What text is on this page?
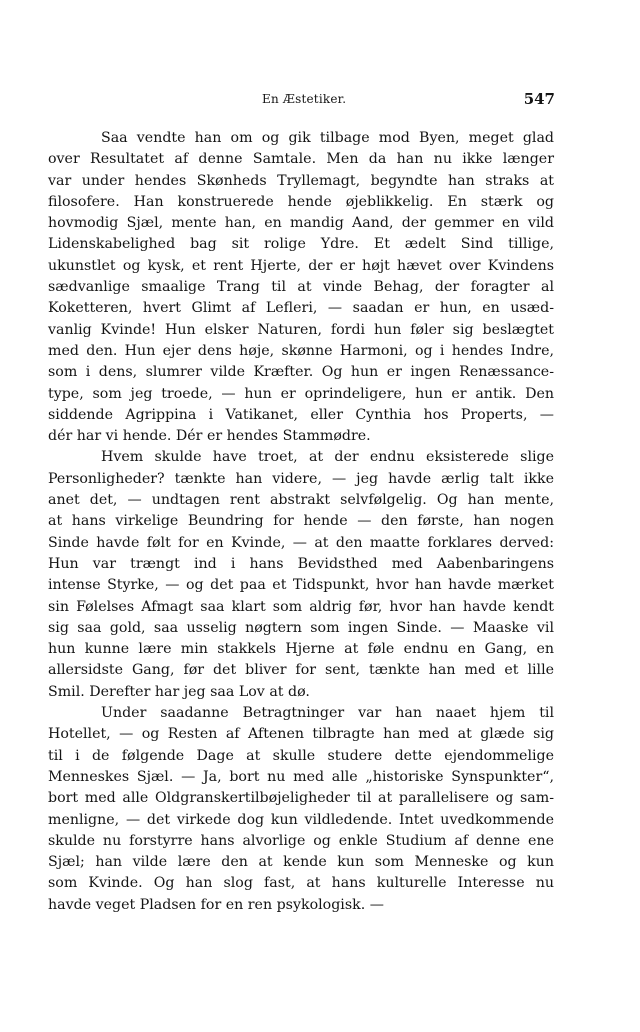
En Æstetiker.	547
Saa vendte han om og gik tilbage mod Byen, meget glad
over Resultatet af denne Samtale. Men da han nu ikke længer
var under hendes Skønheds Tryllemagt, begyndte han straks at
filosofere. Han konstruerede hende øjeblikkelig. En stærk og
hovmodig Sjæl, mente han, en mandig Aand, der gemmer en vild
Lidenskabelighed bag sit rolige Ydre. Et ædelt Sind tillige,
ukunstlet og kysk, et rent Hjerte, der er højt hævet over Kvindens
sædvanlige smaalige Trang til at vinde Behag, der foragter al
Koketteren, hvert Glimt af Lefleri, — saadan er hun, en usæd-
vanlig Kvinde! Hun elsker Naturen, fordi hun føler sig beslægtet
med den. Hun ejer dens høje, skønne Harmoni, og i hendes Indre,
som i dens, slumrer vilde Kræfter. Og hun er ingen Renæssance-
type, som jeg troede, — hun er oprindeligere, hun er antik. Den
siddende Agrippina i Vatikanet, eller Cynthia hos Properts, —
dér har vi hende. Dér er hendes Stammødre.
Hvem skulde have troet, at der endnu eksisterede slige
Personligheder? tænkte han videre, — jeg havde ærlig talt ikke
anet det, — undtagen rent abstrakt selvfølgelig. Og han mente,
at hans virkelige Beundring for hende — den første, han nogen
Sinde havde følt for en Kvinde, — at den maatte forklares derved:
Hun var trængt ind i hans Bevidsthed med Aabenbaringens
intense Styrke, — og det paa et Tidspunkt, hvor han havde mærket
sin Følelses Afmagt saa klart som aldrig før, hvor han havde kendt
sig saa gold, saa usselig nøgtern som ingen Sinde. — Maaske vil
hun kunne lære min stakkels Hjerne at føle endnu en Gang, en
allersidste Gang, før det bliver for sent, tænkte han med et lille
Smil. Derefter har jeg saa Lov at dø.
Under saadanne Betragtninger var han naaet hjem til
Hotellet, — og Resten af Aftenen tilbragte han med at glæde sig
til i de følgende Dage at skulle studere dette ejendommelige
Menneskes Sjæl. — Ja, bort nu med alle „historiske Synspunkter“,
bort med alle Oldgranskertilbøjeligheder til at parallelisere og sam-
menligne, — det virkede dog kun vildledende. Intet uvedkommende
skulde nu forstyrre hans alvorlige og enkle Studium af denne ene
Sjæl; han vilde lære den at kende kun som Menneske og kun
som Kvinde. Og han slog fast, at hans kulturelle Interesse nu
havde veget Pladsen for en ren psykologisk. —
